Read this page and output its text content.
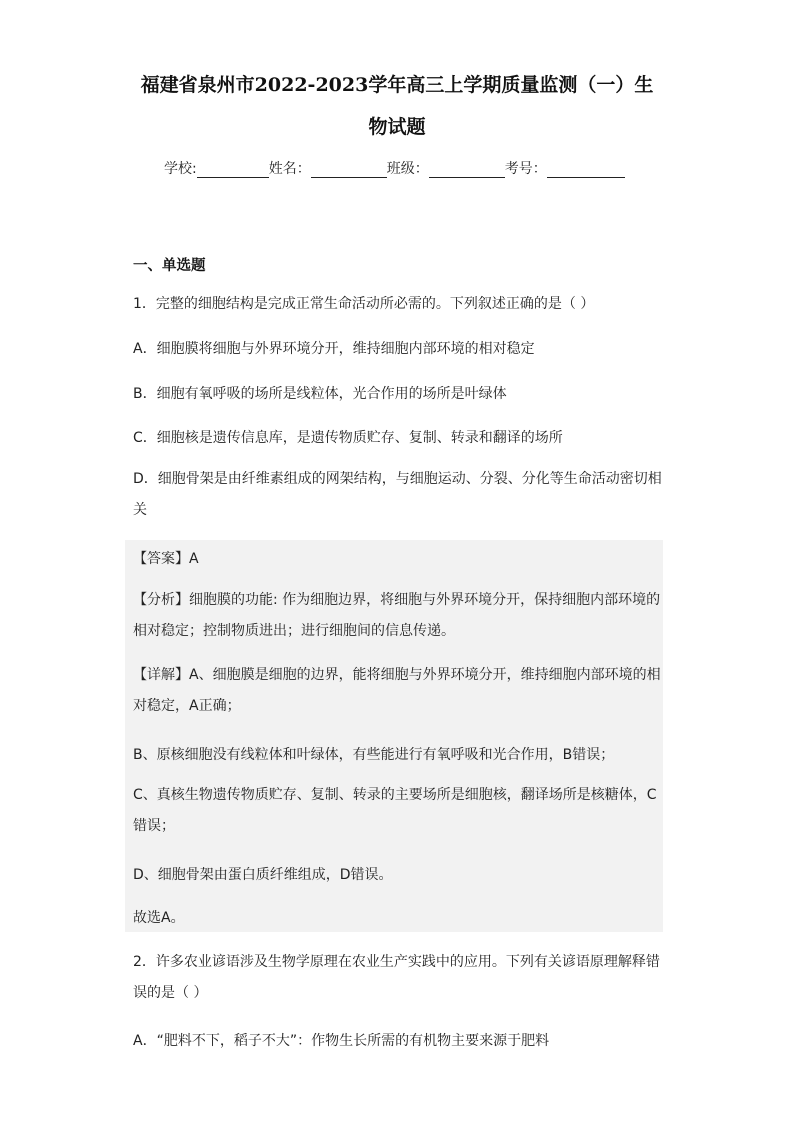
福建省泉州市2022-2023学年高三上学期质量监测（一）生
物试题
学校:	姓名：	班级：	考号：
一、单选题
1．完整的细胞结构是完成正常生命活动所必需的。下列叙述正确的是（ ）
A．细胞膜将细胞与外界环境分开，维持细胞内部环境的相对稳定
B．细胞有氧呼吸的场所是线粒体，光合作用的场所是叶绿体
C．细胞核是遗传信息库，是遗传物质贮存、复制、转录和翻译的场所
D．细胞骨架是由纤维素组成的网架结构，与细胞运动、分裂、分化等生命活动密切相关
【答案】A
【分析】细胞膜的功能: 作为细胞边界，将细胞与外界环境分开，保持细胞内部环境的相对稳定；控制物质进出；进行细胞间的信息传递。
【详解】A、细胞膜是细胞的边界，能将细胞与外界环境分开，维持细胞内部环境的相对稳定，A正确；
B、原核细胞没有线粒体和叶绿体，有些能进行有氧呼吸和光合作用，B错误；
C、真核生物遗传物质贮存、复制、转录的主要场所是细胞核，翻译场所是核糖体，C错误；
D、细胞骨架由蛋白质纤维组成，D错误。
故选A。
2．许多农业谚语涉及生物学原理在农业生产实践中的应用。下列有关谚语原理解释错误的是（ ）
A．“肥料不下，稻子不大”：作物生长所需的有机物主要来源于肥料
